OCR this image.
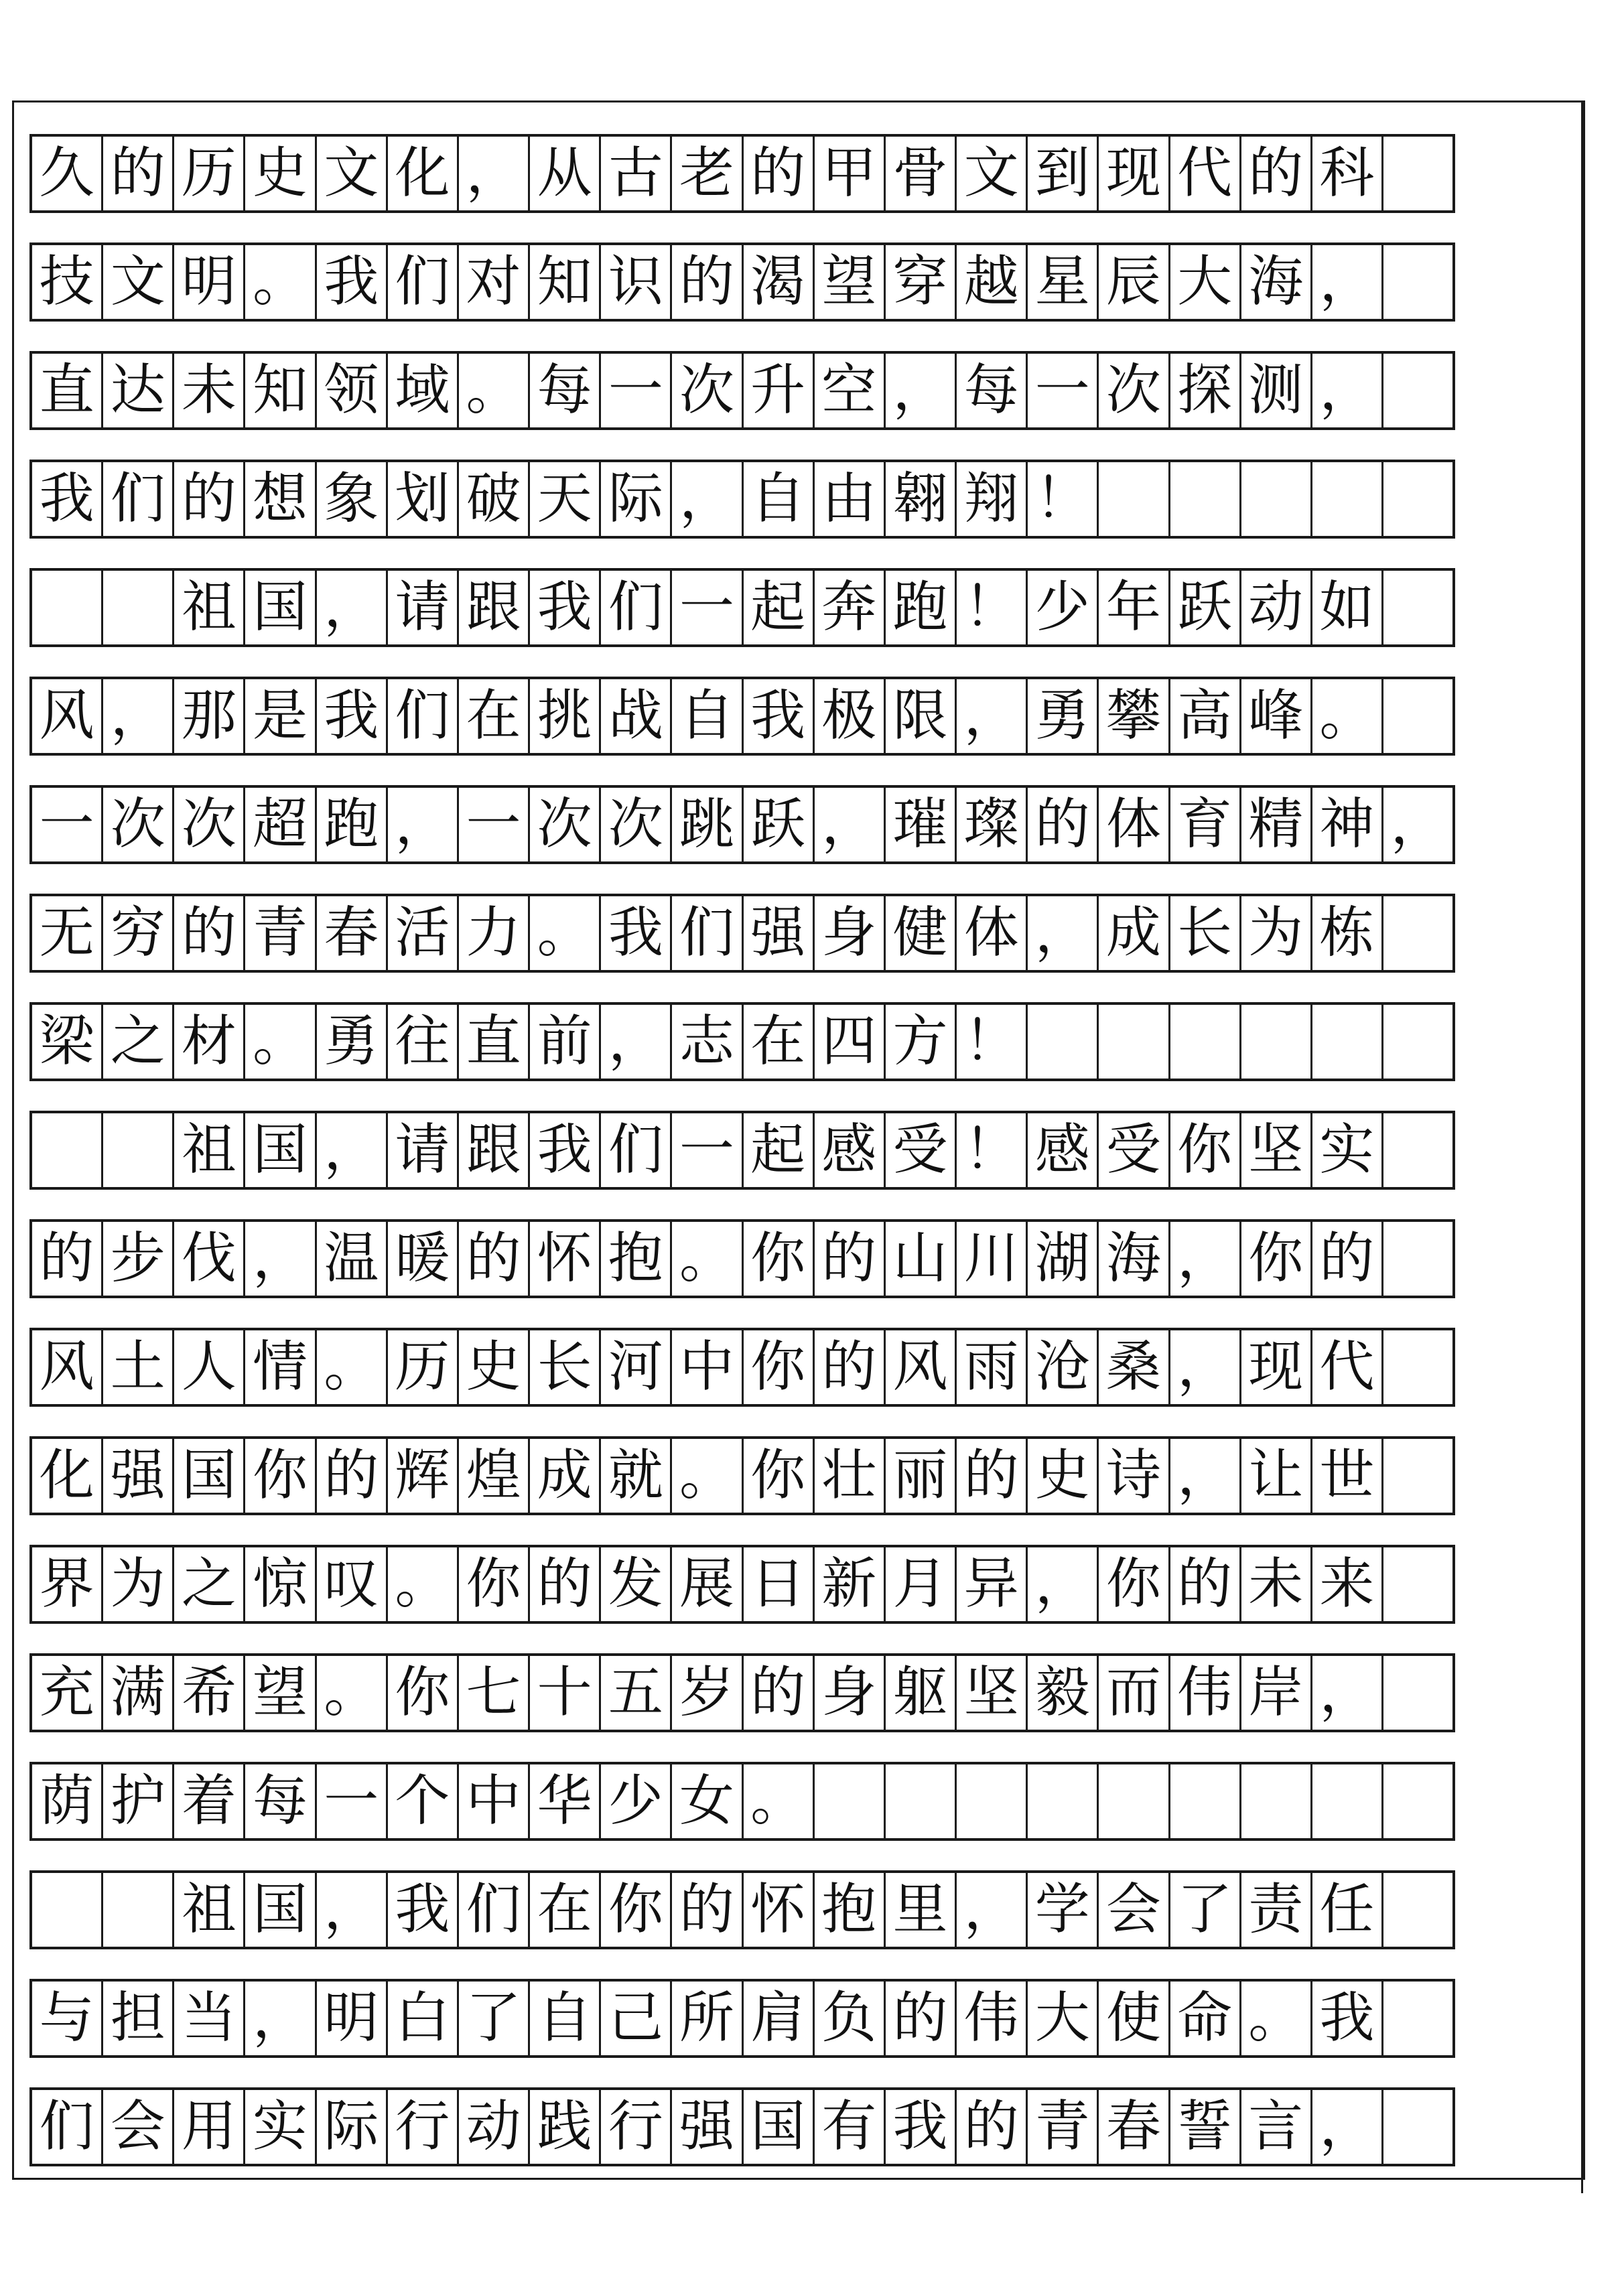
久 的 历 史 文 化 ， 从 古 老 的 甲 骨 文 到 现 代 的 科
技 文 明 。 我 们 对 知 识 的 渴 望 穿 越 星 辰 大 海 ，
直 达 未 知 领 域 。 每 一 次 升 空 ， 每 一 次 探 测 ，
我 们 的 想 象 划 破 天 际 ， 自 由 翱 翔 ！
祖 国 ， 请 跟 我 们 一 起 奔 跑 ！ 少 年 跃 动 如
风 ， 那 是 我 们 在 挑 战 自 我 极 限 ， 勇 攀 高 峰 。
一 次 次 超 跑 ， 一 次 次 跳 跃 ， 璀 璨 的 体 育 精 神 ，
无 穷 的 青 春 活 力 。 我 们 强 身 健 体 ， 成 长 为 栋
梁 之 材 。 勇 往 直 前 ， 志 在 四 方 ！
祖 国 ， 请 跟 我 们 一 起 感 受 ！ 感 受 你 坚 实
的 步 伐 ， 温 暖 的 怀 抱 。 你 的 山 川 湖 海 ， 你 的
风 土 人 情 。 历 史 长 河 中 你 的 风 雨 沧 桑 ， 现 代
化 强 国 你 的 辉 煌 成 就 。 你 壮 丽 的 史 诗 ， 让 世
界 为 之 惊 叹 。 你 的 发 展 日 新 月 异 ， 你 的 未 来
充 满 希 望 。 你 七 十 五 岁 的 身 躯 坚 毅 而 伟 岸 ，
荫 护 着 每 一 个 中 华 少 女 。
祖 国 ， 我 们 在 你 的 怀 抱 里 ， 学 会 了 责 任
与 担 当 ， 明 白 了 自 己 所 肩 负 的 伟 大 使 命 。 我
们 会 用 实 际 行 动 践 行 强 国 有 我 的 青 春 誓 言 ，
